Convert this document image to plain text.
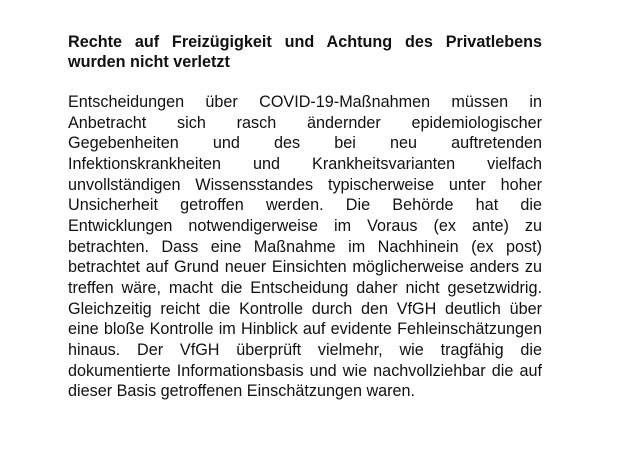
Rechte auf Freizügigkeit und Achtung des Privatlebens wurden nicht verletzt

Entscheidungen über COVID-19-Maßnahmen müssen in Anbetracht sich rasch ändernder epidemiologischer Gegebenheiten und des bei neu auftretenden Infektionskrankheiten und Krankheitsvarianten vielfach unvollständigen Wissensstandes typischerweise unter hoher Unsicherheit getroffen werden. Die Behörde hat die Entwicklungen notwendigerweise im Voraus (ex ante) zu betrachten. Dass eine Maßnahme im Nachhinein (ex post) betrachtet auf Grund neuer Einsichten möglicherweise anders zu treffen wäre, macht die Entscheidung daher nicht gesetzwidrig. Gleichzeitig reicht die Kontrolle durch den VfGH deutlich über eine bloße Kontrolle im Hinblick auf evidente Fehleinschätzungen hinaus. Der VfGH überprüft vielmehr, wie tragfähig die dokumentierte Informationsbasis und wie nachvollziehbar die auf dieser Basis getroffenen Einschätzungen waren.
